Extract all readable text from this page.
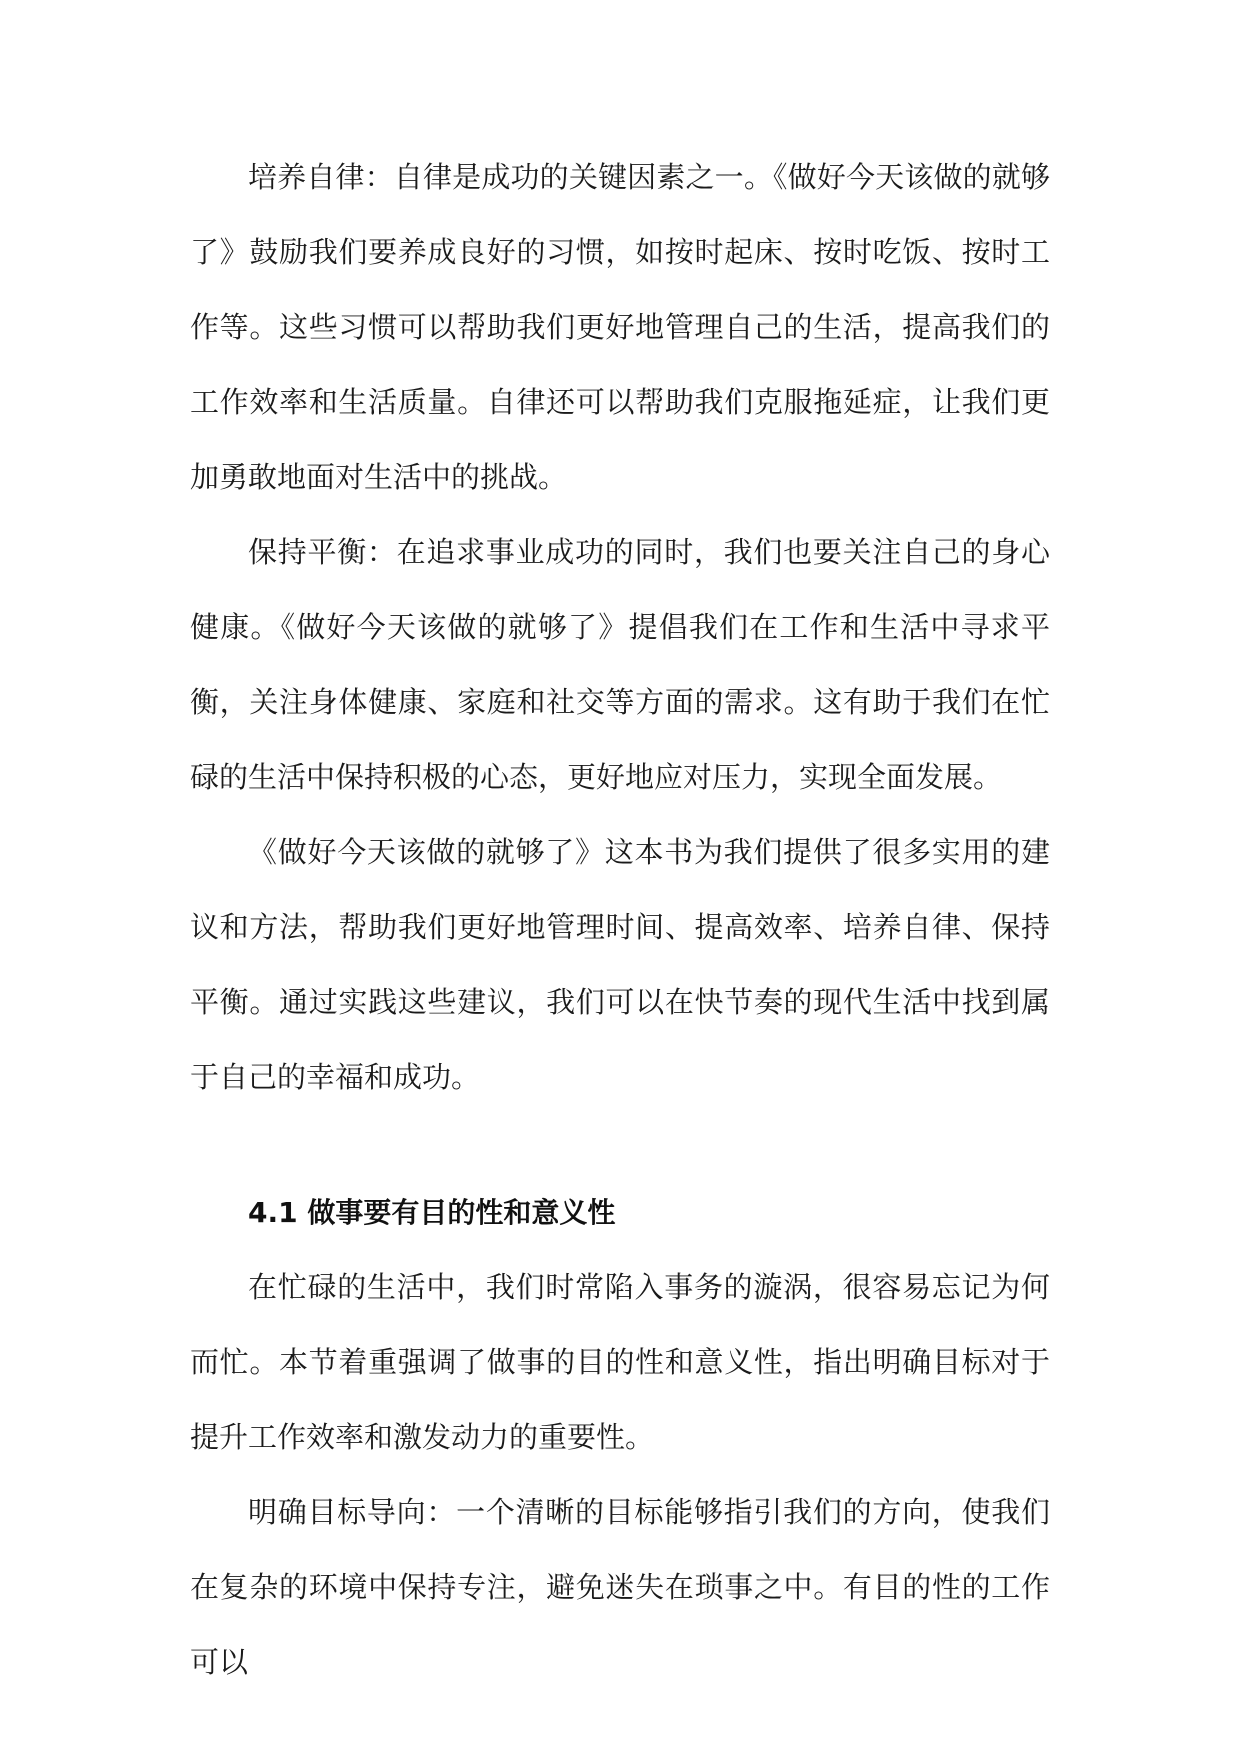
培养自律：自律是成功的关键因素之一。《做好今天该做的就够了》鼓励我们要养成良好的习惯，如按时起床、按时吃饭、按时工作等。这些习惯可以帮助我们更好地管理自己的生活，提高我们的工作效率和生活质量。自律还可以帮助我们克服拖延症，让我们更加勇敢地面对生活中的挑战。

保持平衡：在追求事业成功的同时，我们也要关注自己的身心健康。《做好今天该做的就够了》提倡我们在工作和生活中寻求平衡，关注身体健康、家庭和社交等方面的需求。这有助于我们在忙碌的生活中保持积极的心态，更好地应对压力，实现全面发展。

《做好今天该做的就够了》这本书为我们提供了很多实用的建议和方法，帮助我们更好地管理时间、提高效率、培养自律、保持平衡。通过实践这些建议，我们可以在快节奏的现代生活中找到属于自己的幸福和成功。

4.1 做事要有目的性和意义性

在忙碌的生活中，我们时常陷入事务的漩涡，很容易忘记为何而忙。本节着重强调了做事的目的性和意义性，指出明确目标对于提升工作效率和激发动力的重要性。

明确目标导向：一个清晰的目标能够指引我们的方向，使我们在复杂的环境中保持专注，避免迷失在琐事之中。有目的性的工作可以
